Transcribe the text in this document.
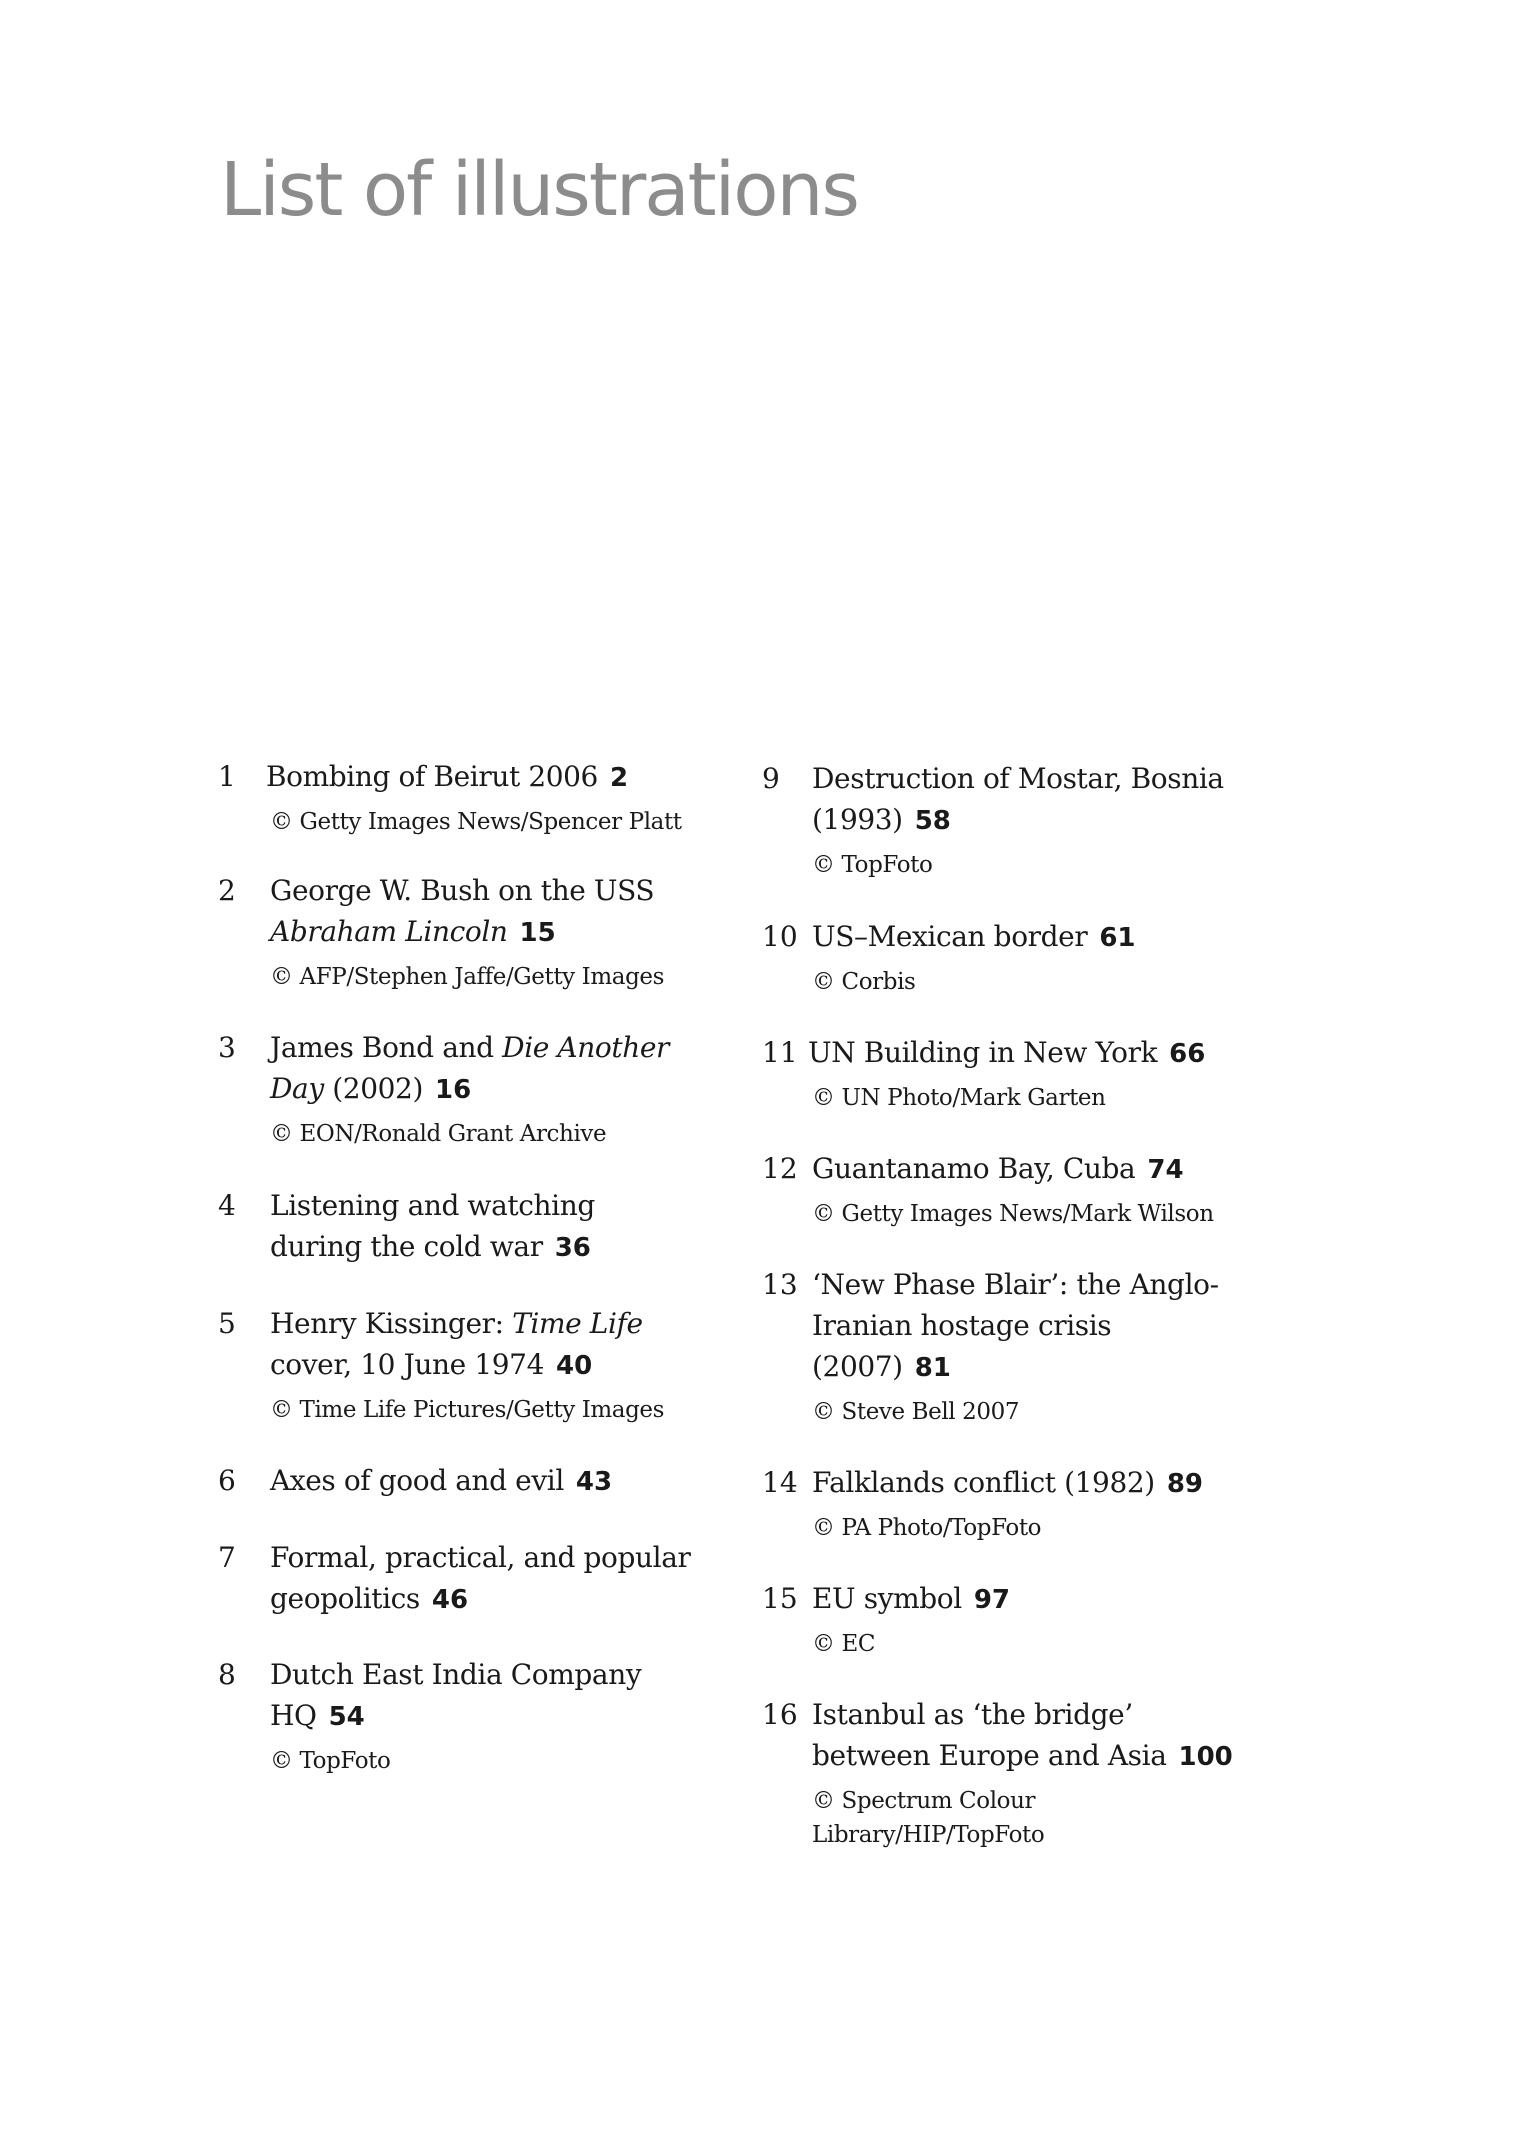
List of illustrations
1 Bombing of Beirut 2006 2
© Getty Images News/Spencer Platt
2 George W. Bush on the USS
Abraham Lincoln 15
© AFP/Stephen Jaffe/Getty Images
3 James Bond and Die Another Day (2002) 16
© EON/Ronald Grant Archive
4 Listening and watching during the cold war 36
5 Henry Kissinger: Time Life cover, 10 June 1974 40
© Time Life Pictures/Getty Images
6 Axes of good and evil 43
7 Formal, practical, and popular geopolitics 46
8 Dutch East India Company HQ 54
© TopFoto
9 Destruction of Mostar, Bosnia (1993) 58
© TopFoto
10 US–Mexican border 61
© Corbis
11 UN Building in New York 66
© UN Photo/Mark Garten
12 Guantanamo Bay, Cuba 74
© Getty Images News/Mark Wilson
13 ‘New Phase Blair’: the Anglo-Iranian hostage crisis (2007) 81
© Steve Bell 2007
14 Falklands conflict (1982) 89
© PA Photo/TopFoto
15 EU symbol 97
© EC
16 Istanbul as ‘the bridge’ between Europe and Asia 100
© Spectrum Colour Library/HIP/TopFoto
